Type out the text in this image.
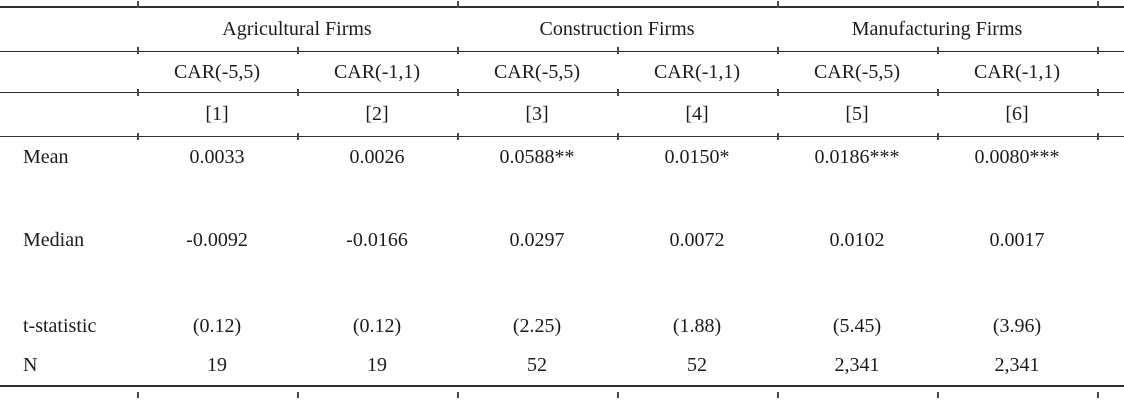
	Agricultural Firms		Construction Firms		Manufacturing Firms		
	CAR(-5,5)	CAR(-1,1)	CAR(-5,5)	CAR(-1,1)	CAR(-5,5)	CAR(-1,1)	
	[1]	[2]	[3]	[4]	[5]	[6]	
Mean	0.0033	0.0026	0.0588**	0.0150*	0.0186***	0.0080***	
Median	-0.0092	-0.0166	0.0297	0.0072	0.0102	0.0017	
t-statistic	(0.12)	(0.12)	(2.25)	(1.88)	(5.45)	(3.96)	
N	19	19	52	52	2,341	2,341	
